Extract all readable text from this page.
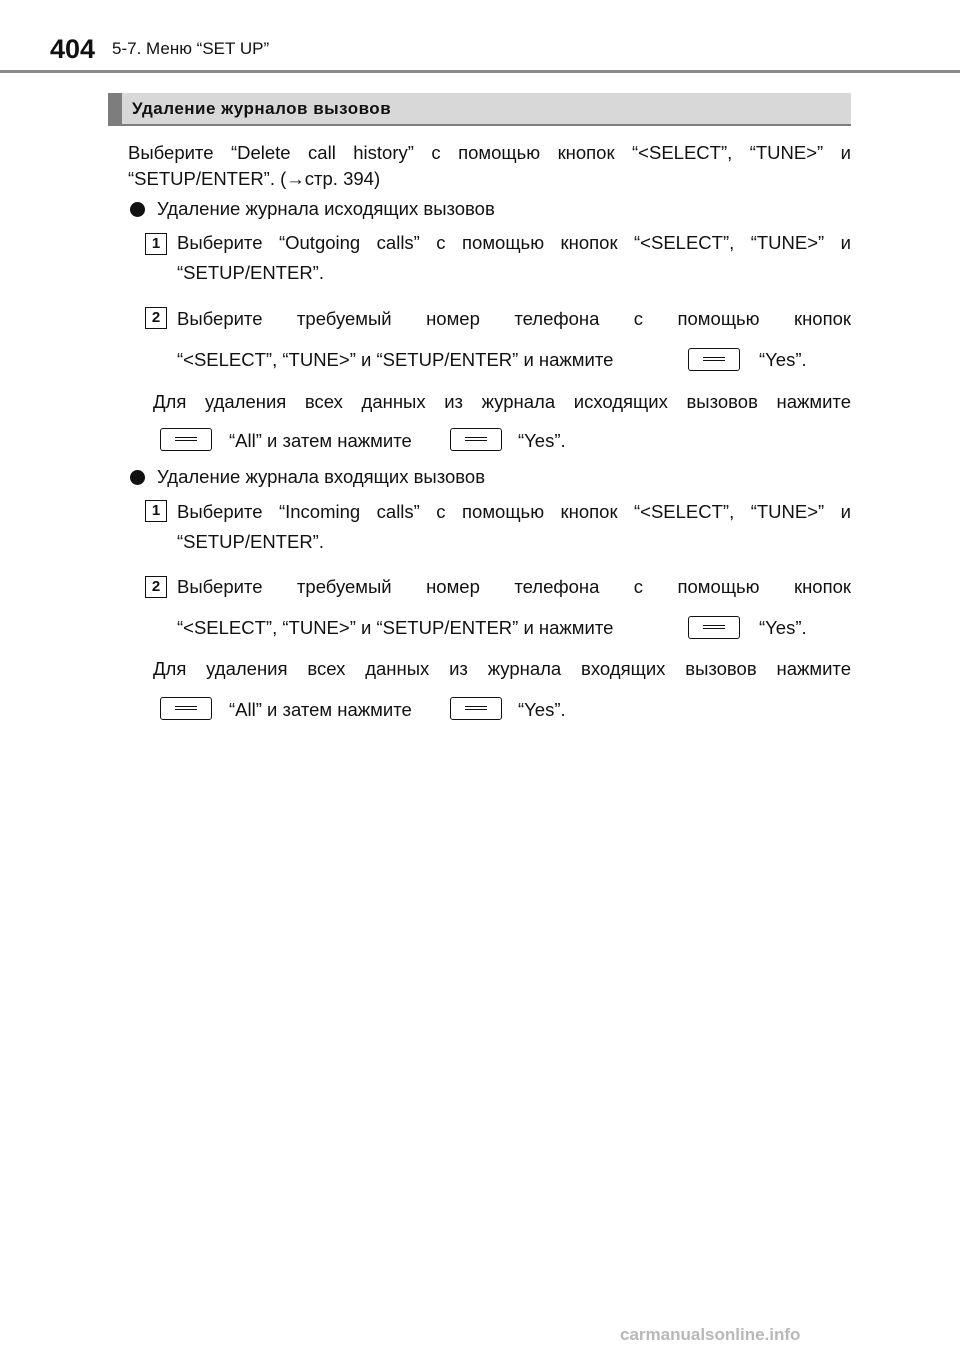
404 5-7. Меню “SET UP”
Удаление журналов вызовов
Выберите “Delete call history” с помощью кнопок “<SELECT”, “TUNE>” и
“SETUP/ENTER”. (→стр. 394)
Удаление журнала исходящих вызовов
1 Выберите “Outgoing calls” с помощью кнопок “<SELECT”, “TUNE>” и
“SETUP/ENTER”.
2 Выберите требуемый номер телефона с помощью кнопок
“<SELECT”, “TUNE>” и “SETUP/ENTER” и нажмите	“Yes”.
Для удаления всех данных из журнала исходящих вызовов нажмите
“All” и затем нажмите	“Yes”.
Удаление журнала входящих вызовов
1 Выберите “Incoming calls” с помощью кнопок “<SELECT”, “TUNE>” и
“SETUP/ENTER”.
2 Выберите требуемый номер телефона с помощью кнопок
“<SELECT”, “TUNE>” и “SETUP/ENTER” и нажмите	“Yes”.
Для удаления всех данных из журнала входящих вызовов нажмите
“All” и затем нажмите	“Yes”.
carmanualsonline.info
